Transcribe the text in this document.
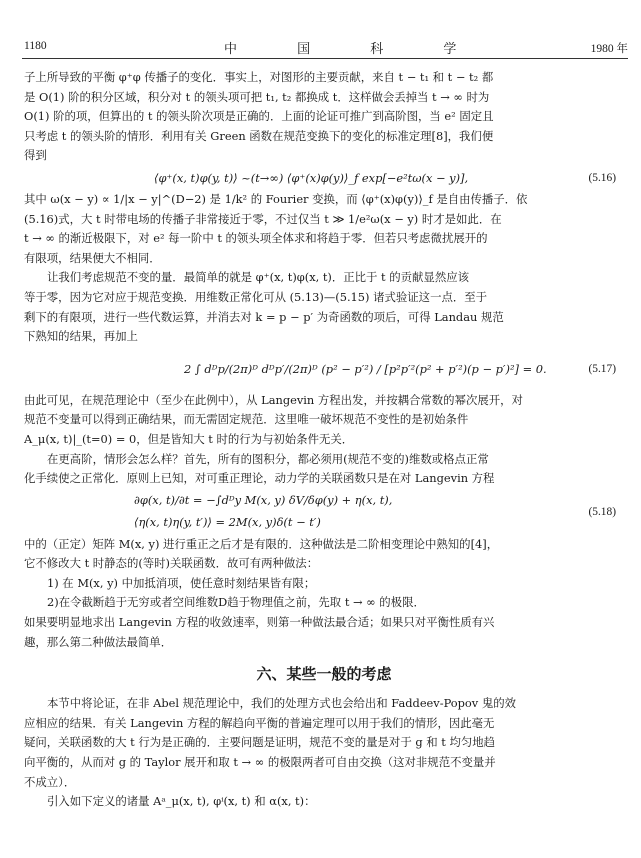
1180	中 国 科 学	1980 年
子上所导致的平衡 φ⁺φ 传播子的变化．事实上，对图形的主要贡献，来自 t − t₁ 和 t − t₂ 都
是 O(1) 阶的积分区域，积分对 t 的领头项可把 t₁, t₂ 都换成 t．这样做会丢掉当 t → ∞ 时为
O(1) 阶的项，但算出的 t 的领头阶次项是正确的．上面的论证可推广到高阶图，当 e² 固定且
只考虑 t 的领头阶的情形．利用有关 Green 函数在规范变换下的变化的标准定理[8]，我们便
得到
⟨φ⁺(x, t)φ(y, t)⟩ ~(t→∞) ⟨φ⁺(x)φ(y)⟩_f exp[−e²tω(x − y)],	(5.16)
其中 ω(x − y) ∝ 1/|x − y|^(D−2) 是 1/k² 的 Fourier 变换，而 ⟨φ⁺(x)φ(y)⟩_f 是自由传播子．依
(5.16)式，大 t 时带电场的传播子非常接近于零，不过仅当 t ≫ 1/e²ω(x − y) 时才是如此．在
t → ∞ 的渐近极限下，对 e² 每一阶中 t 的领头项全体求和将趋于零．但若只考虑微扰展开的
有限项，结果便大不相同．
让我们考虑规范不变的量．最简单的就是 φ⁺(x, t)φ(x, t)．正比于 t 的贡献显然应该
等于零，因为它对应于规范变换．用维数正常化可从 (5.13)—(5.15) 诸式验证这一点．至于
剩下的有限项，进行一些代数运算，并消去对 k = p − p′ 为奇函数的项后，可得 Landau 规范
下熟知的结果，再加上
2 ∫ dᴰp/(2π)ᴰ dᴰp′/(2π)ᴰ (p² − p′²) / [p²p′²(p² + p′²)(p − p′)²] = 0.	(5.17)
由此可见，在规范理论中（至少在此例中），从 Langevin 方程出发，并按耦合常数的幂次展开，对
规范不变量可以得到正确结果，而无需固定规范．这里唯一破坏规范不变性的是初始条件
A_μ(x, t)|_(t=0) = 0，但是皆知大 t 时的行为与初始条件无关．
在更高阶，情形会怎么样？首先，所有的图积分，都必须用(规范不变的)维数或格点正常
化手续使之正常化．原则上已知，对可重正理论，动力学的关联函数只是在对 Langevin 方程
∂φ(x, t)/∂t = −∫dᴰy M(x, y) δV/δφ(y) + η(x, t),
⟨η(x, t)η(y, t′)⟩ = 2M(x, y)δ(t − t′)
(5.18)
中的（正定）矩阵 M(x, y) 进行重正之后才是有限的．这种做法是二阶相变理论中熟知的[4]，
它不修改大 t 时静态的(等时)关联函数．故可有两种做法：
1) 在 M(x, y) 中加抵消项，使任意时刻结果皆有限；
2)在令截断趋于无穷或者空间维数D趋于物理值之前，先取 t → ∞ 的极限．
如果要明显地求出 Langevin 方程的收敛速率，则第一种做法最合适；如果只对平衡性质有兴
趣，那么第二种做法最简单．
六、某些一般的考虑
本节中将论证，在非 Abel 规范理论中，我们的处理方式也会给出和 Faddeev-Popov 鬼的效
应相应的结果．有关 Langevin 方程的解趋向平衡的普遍定理可以用于我们的情形，因此毫无
疑问，关联函数的大 t 行为是正确的．主要问题是证明，规范不变的量是对于 g 和 t 均匀地趋
向平衡的，从而对 g 的 Taylor 展开和取 t → ∞ 的极限两者可自由交换（这对非规范不变量并
不成立）．
引入如下定义的诸量 Aᵃ_μ(x, t), φⁱ(x, t) 和 α(x, t)：
